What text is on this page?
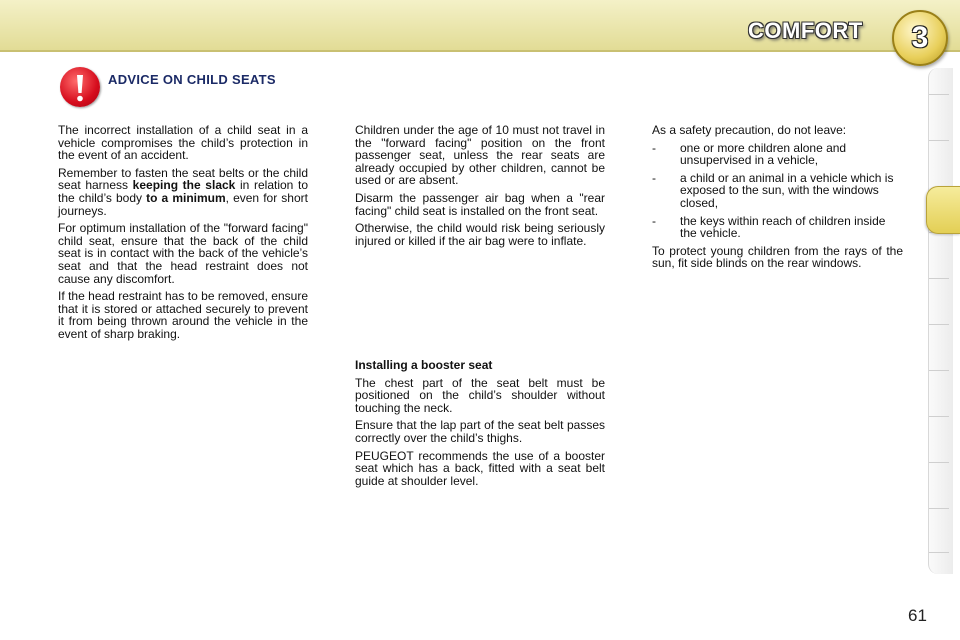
COMFORT 3
ADVICE ON CHILD SEATS

The incorrect installation of a child seat in a vehicle compromises the child’s protection in the event of an accident.

Remember to fasten the seat belts or the child seat harness keeping the slack in relation to the child’s body to a minimum, even for short journeys.

For optimum installation of the "forward facing" child seat, ensure that the back of the child seat is in contact with the back of the vehicle’s seat and that the head restraint does not cause any discomfort.

If the head restraint has to be removed, ensure that it is stored or attached securely to prevent it from being thrown around the vehicle in the event of sharp braking.

Children under the age of 10 must not travel in the "forward facing" position on the front passenger seat, unless the rear seats are already occupied by other children, cannot be used or are absent.

Disarm the passenger air bag when a "rear facing" child seat is installed on the front seat.

Otherwise, the child would risk being seriously injured or killed if the air bag were to inflate.

Installing a booster seat

The chest part of the seat belt must be positioned on the child’s shoulder without touching the neck.

Ensure that the lap part of the seat belt passes correctly over the child’s thighs.

PEUGEOT recommends the use of a booster seat which has a back, fitted with a seat belt guide at shoulder level.

As a safety precaution, do not leave:

-	one or more children alone and unsupervised in a vehicle,
-	a child or an animal in a vehicle which is exposed to the sun, with the windows closed,
-	the keys within reach of children inside the vehicle.

To protect young children from the rays of the sun, fit side blinds on the rear windows.

61
